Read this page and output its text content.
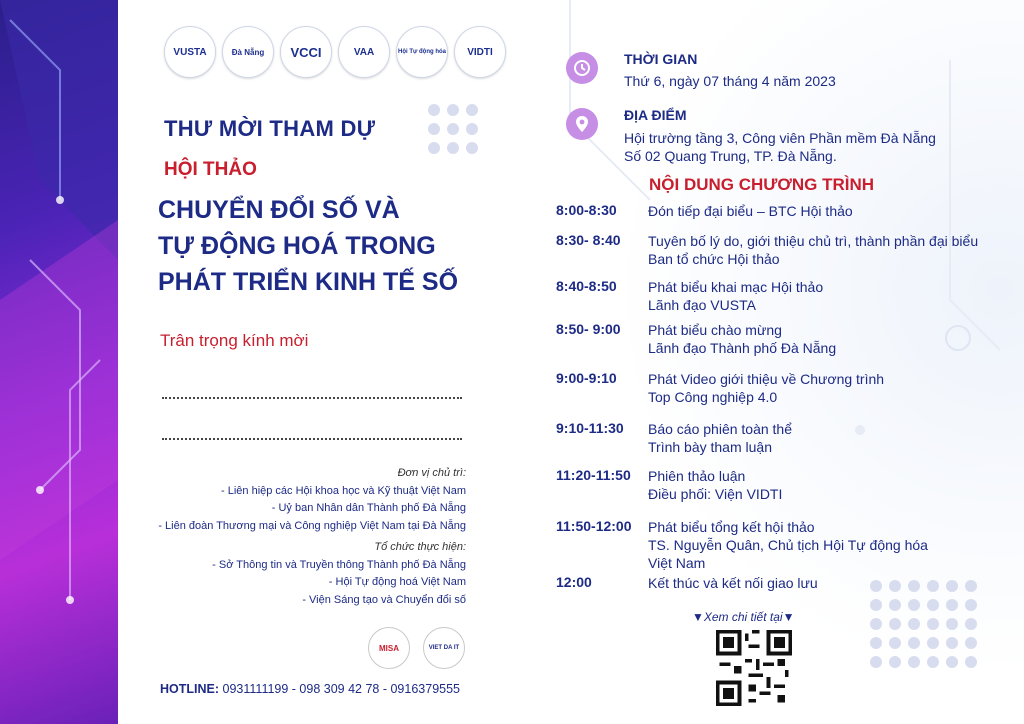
VUSTA	Đà Nẵng	VCCI	VAA	Hội Tự động hóa	VIDTI
THƯ MỜI THAM DỰ
HỘI THẢO
CHUYỂN ĐỔI SỐ VÀ
TỰ ĐỘNG HOÁ TRONG
PHÁT TRIỂN KINH TẾ SỐ
Trân trọng kính mời
Đơn vị chủ trì:
- Liên hiệp các Hội khoa học và Kỹ thuật Việt Nam
- Uỷ ban Nhân dân Thành phố Đà Nẵng
- Liên đoàn Thương mại và Công nghiệp Việt Nam tại Đà Nẵng
Tổ chức thực hiện:
- Sở Thông tin và Truyền thông Thành phố Đà Nẵng
- Hội Tự động hoá Việt Nam
- Viện Sáng tạo và Chuyển đổi số
MISA	VIET DA IT
HOTLINE: 0931111199 - 098 309 42 78 - 0916379555
THỜI GIAN
Thứ 6, ngày 07 tháng 4 năm 2023
ĐỊA ĐIỂM
Hội trường tầng 3, Công viên Phần mềm Đà Nẵng
Số 02 Quang Trung, TP. Đà Nẵng.
NỘI DUNG CHƯƠNG TRÌNH
8:00-8:30 Đón tiếp đại biểu – BTC Hội thảo
8:30- 8:40 Tuyên bố lý do, giới thiệu chủ trì, thành phần đại biểu
Ban tổ chức Hội thảo
8:40-8:50 Phát biểu khai mạc Hội thảo
Lãnh đạo VUSTA
8:50- 9:00 Phát biểu chào mừng
Lãnh đạo Thành phố Đà Nẵng
9:00-9:10 Phát Video giới thiệu về Chương trình
Top Công nghiệp 4.0
9:10-11:30 Báo cáo phiên toàn thể
Trình bày tham luận
11:20-11:50 Phiên thảo luận
Điều phối: Viện VIDTI
11:50-12:00 Phát biểu tổng kết hội thảo
TS. Nguyễn Quân, Chủ tịch Hội Tự động hóa
Việt Nam
12:00	Kết thúc và kết nối giao lưu
▼Xem chi tiết tại▼
